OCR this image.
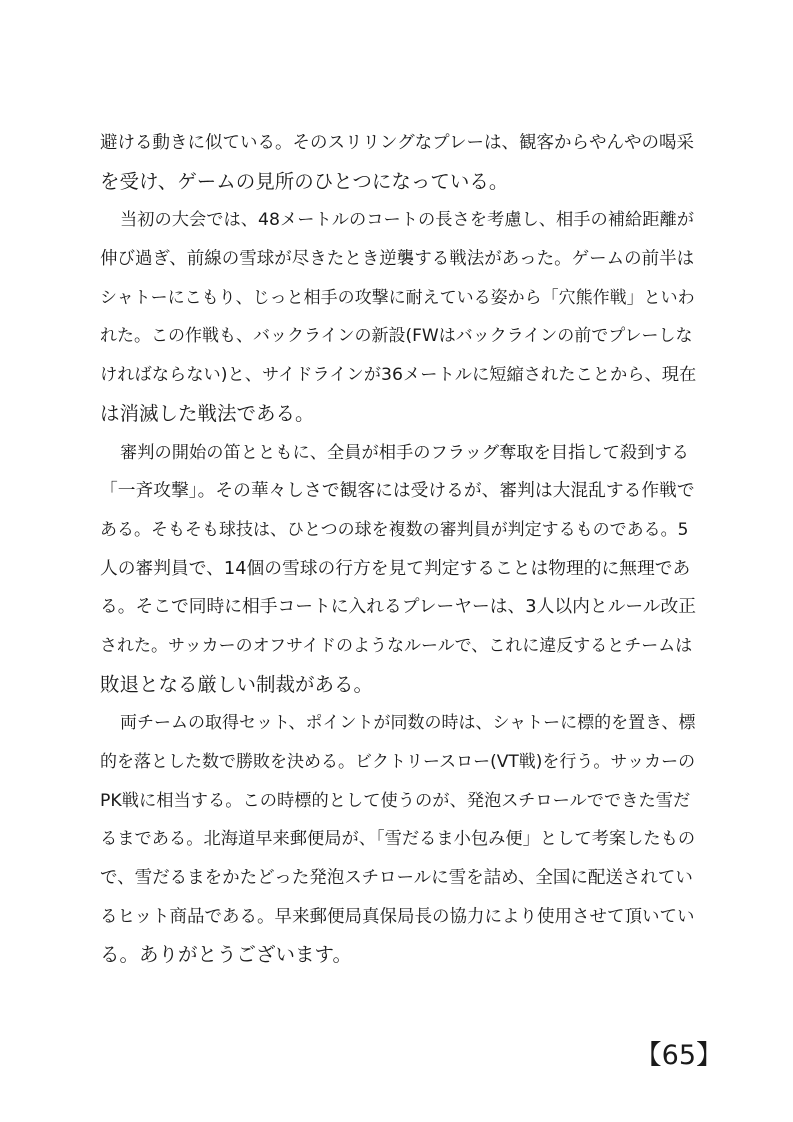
避ける動きに似ている。そのスリリングなプレーは、観客からやんやの喝采
を受け、ゲームの見所のひとつになっている。
当初の大会では、48メートルのコートの長さを考慮し、相手の補給距離が
伸び過ぎ、前線の雪球が尽きたとき逆襲する戦法があった。ゲームの前半は
シャトーにこもり、じっと相手の攻撃に耐えている姿から「穴熊作戦」といわ
れた。この作戦も、バックラインの新設(FWはバックラインの前でプレーしな
ければならない)と、サイドラインが36メートルに短縮されたことから、現在
は消滅した戦法である。
審判の開始の笛とともに、全員が相手のフラッグ奪取を目指して殺到する
「一斉攻撃」。その華々しさで観客には受けるが、審判は大混乱する作戦で
ある。そもそも球技は、ひとつの球を複数の審判員が判定するものである。5
人の審判員で、14個の雪球の行方を見て判定することは物理的に無理であ
る。そこで同時に相手コートに入れるプレーヤーは、3人以内とルール改正
された。サッカーのオフサイドのようなルールで、これに違反するとチームは
敗退となる厳しい制裁がある。
両チームの取得セット、ポイントが同数の時は、シャトーに標的を置き、標
的を落とした数で勝敗を決める。ビクトリースロー(VT戦)を行う。サッカーの
PK戦に相当する。この時標的として使うのが、発泡スチロールでできた雪だ
るまである。北海道早来郵便局が、「雪だるま小包み便」として考案したもの
で、雪だるまをかたどった発泡スチロールに雪を詰め、全国に配送されてい
るヒット商品である。早来郵便局真保局長の協力により使用させて頂いてい
る。ありがとうございます。
【65】
